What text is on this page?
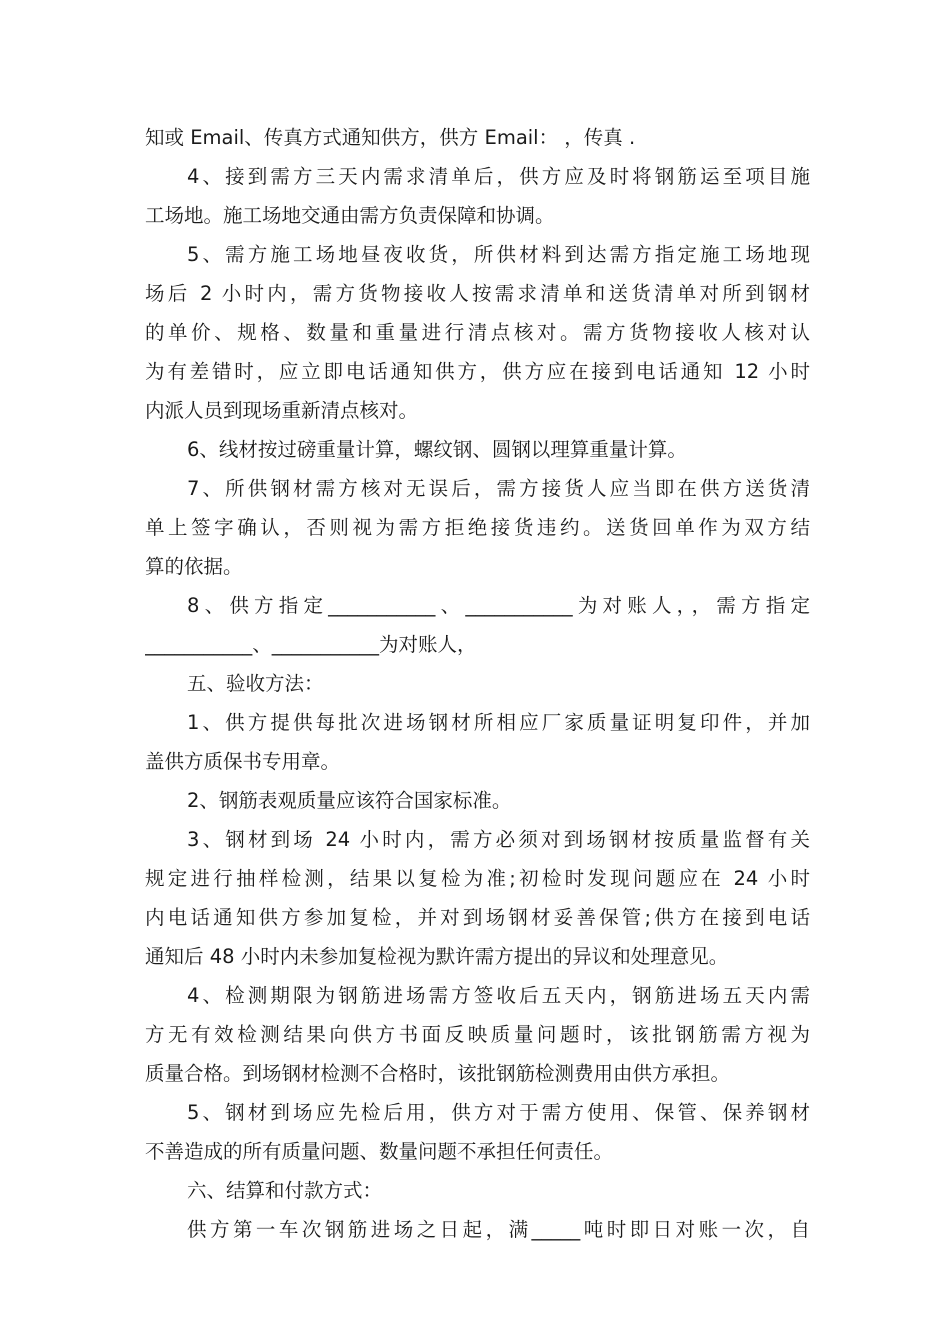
知或 Email、传真方式通知供方，供方 Email： ，传真 .
4、接到需方三天内需求清单后，供方应及时将钢筋运至项目施
工场地。施工场地交通由需方负责保障和协调。
5、需方施工场地昼夜收货，所供材料到达需方指定施工场地现
场后 2 小时内，需方货物接收人按需求清单和送货清单对所到钢材
的单价、规格、数量和重量进行清点核对。需方货物接收人核对认
为有差错时，应立即电话通知供方，供方应在接到电话通知 12 小时
内派人员到现场重新清点核对。
6、线材按过磅重量计算，螺纹钢、圆钢以理算重量计算。
7、所供钢材需方核对无误后，需方接货人应当即在供方送货清
单上签字确认，否则视为需方拒绝接货违约。送货回单作为双方结
算的依据。
8、供方指定___________、___________为对账人，，需方指定
___________、___________为对账人，
五、验收方法：
1、供方提供每批次进场钢材所相应厂家质量证明复印件，并加
盖供方质保书专用章。
2、钢筋表观质量应该符合国家标准。
3、钢材到场 24 小时内，需方必须对到场钢材按质量监督有关
规定进行抽样检测，结果以复检为准;初检时发现问题应在 24 小时
内电话通知供方参加复检，并对到场钢材妥善保管;供方在接到电话
通知后 48 小时内未参加复检视为默许需方提出的异议和处理意见。
4、检测期限为钢筋进场需方签收后五天内，钢筋进场五天内需
方无有效检测结果向供方书面反映质量问题时，该批钢筋需方视为
质量合格。到场钢材检测不合格时，该批钢筋检测费用由供方承担。
5、钢材到场应先检后用，供方对于需方使用、保管、保养钢材
不善造成的所有质量问题、数量问题不承担任何责任。
六、结算和付款方式：
供方第一车次钢筋进场之日起，满_____吨时即日对账一次，自
